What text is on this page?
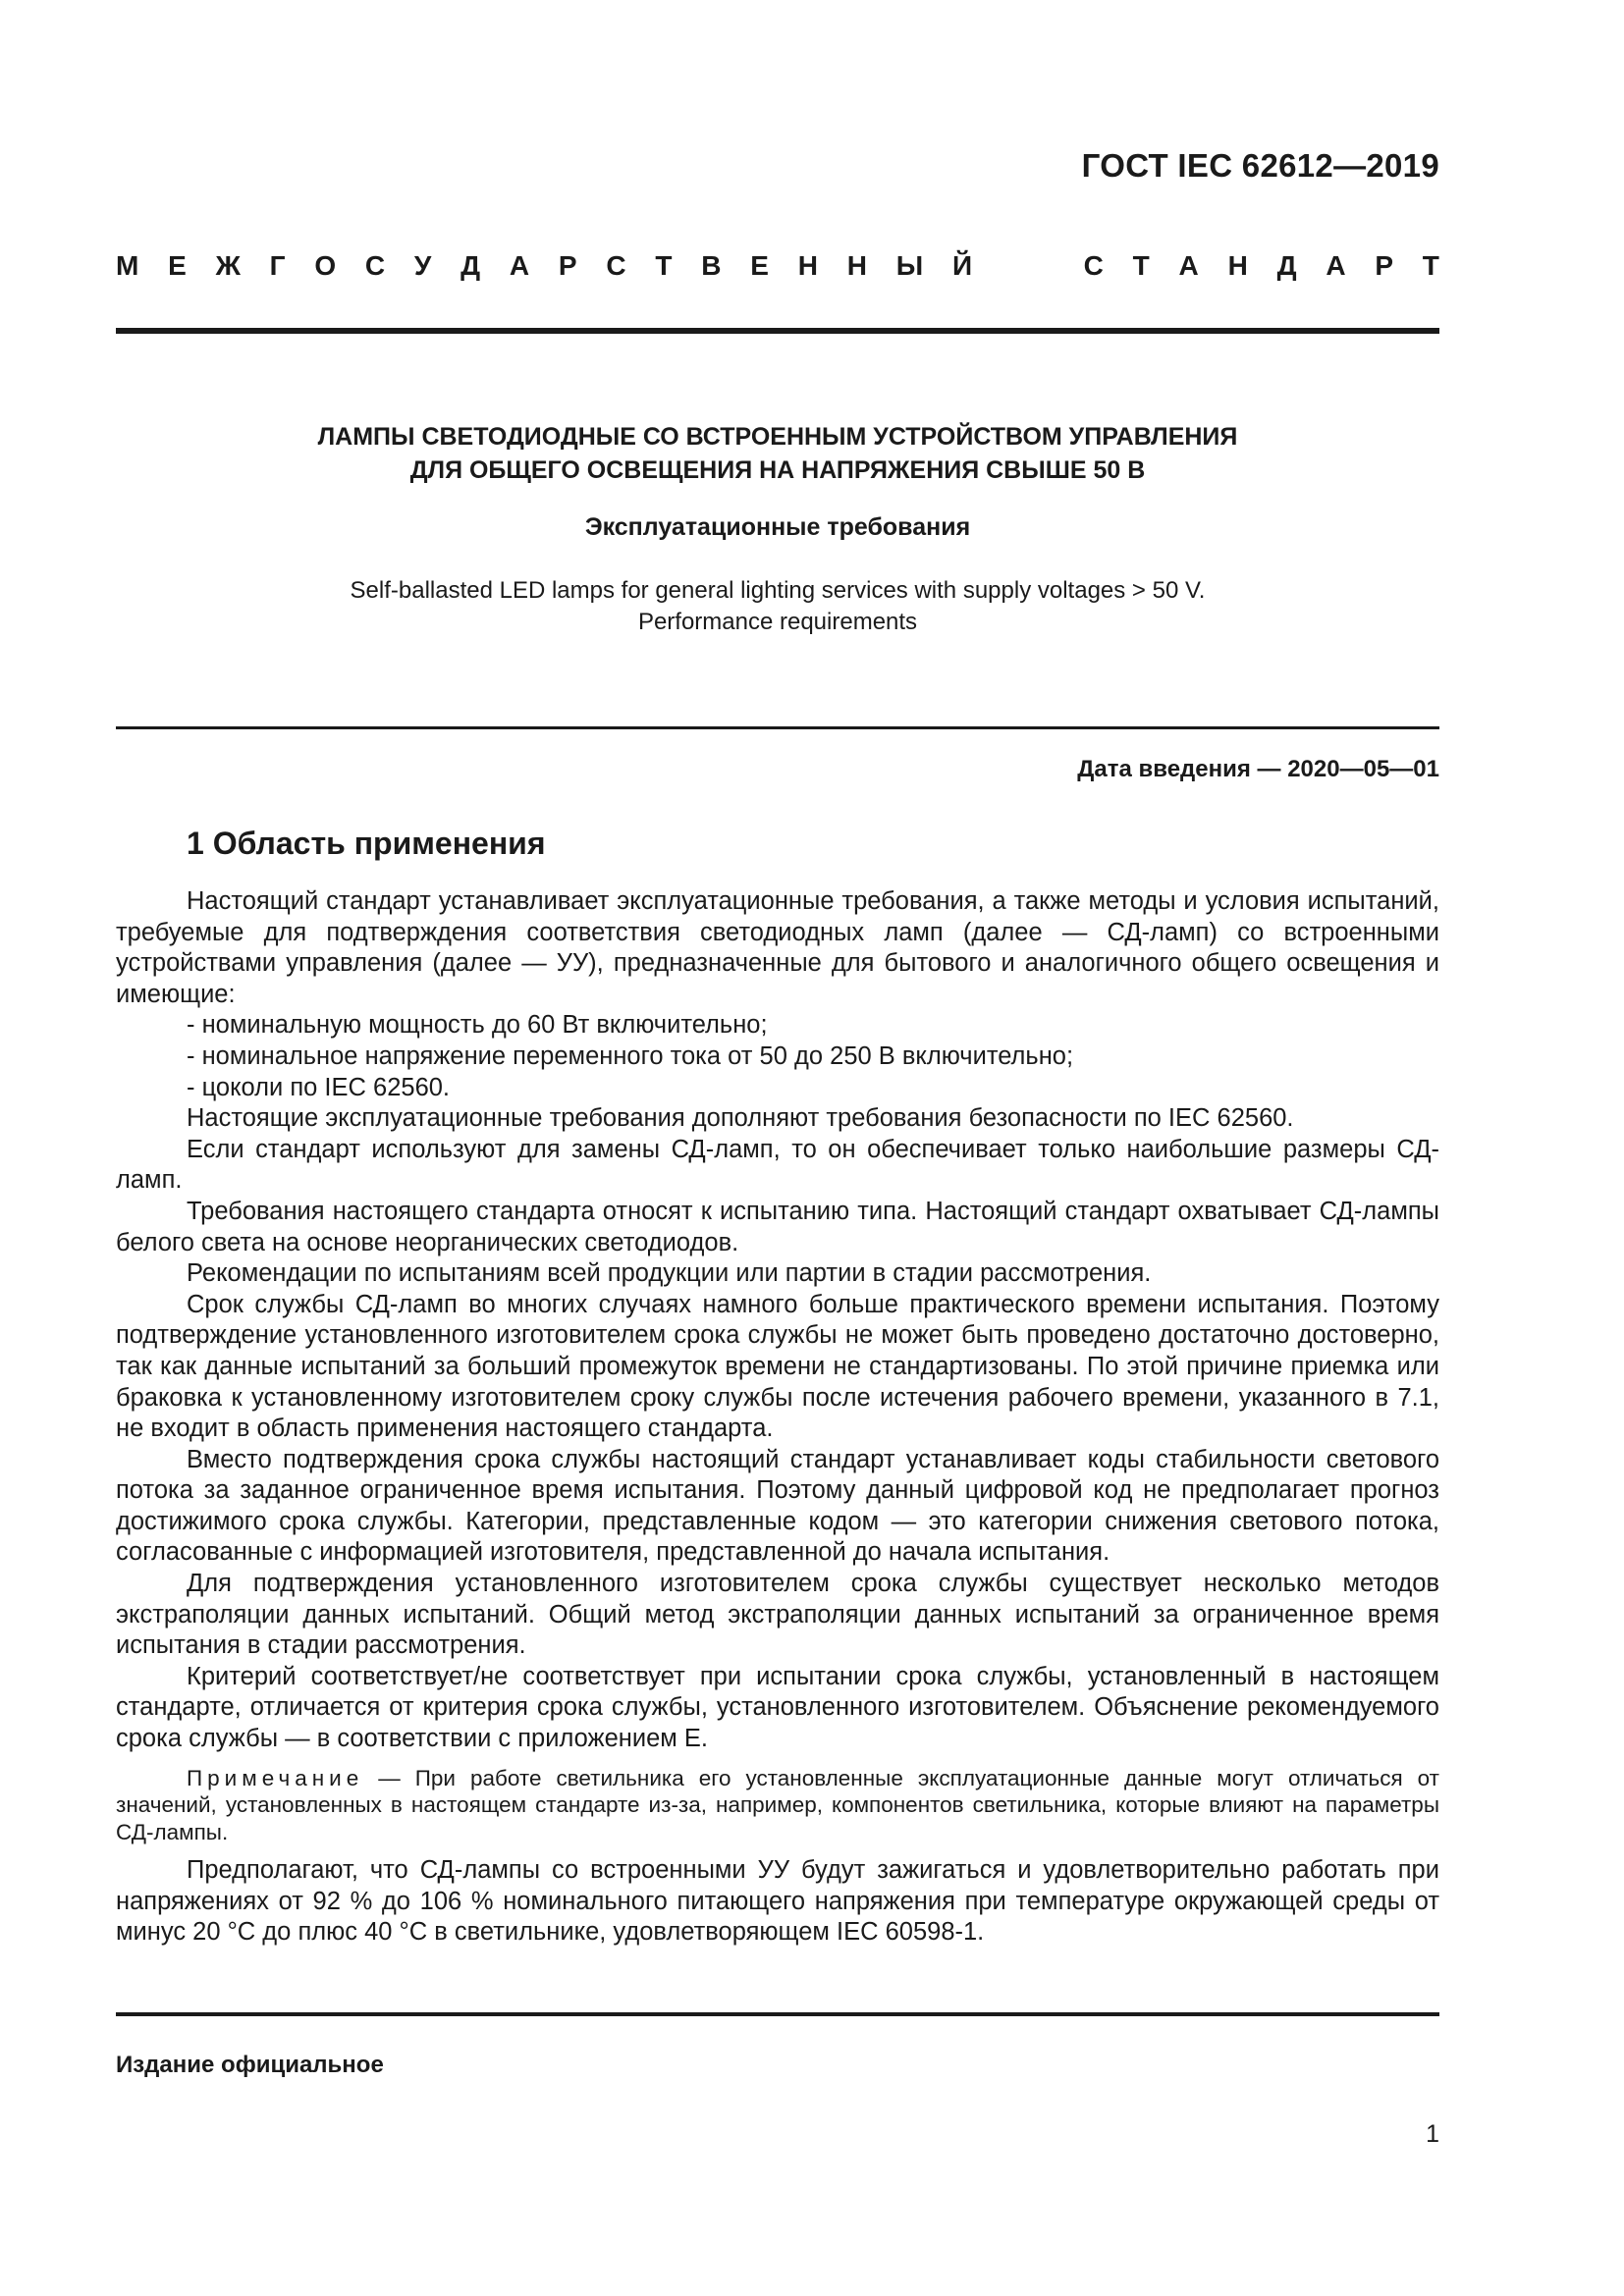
ГОСТ IEC 62612—2019
М Е Ж Г О С У Д А Р С Т В Е Н Н Ы Й	С Т А Н Д А Р Т

ЛАМПЫ СВЕТОДИОДНЫЕ СО ВСТРОЕННЫМ УСТРОЙСТВОМ УПРАВЛЕНИЯ
ДЛЯ ОБЩЕГО ОСВЕЩЕНИЯ НА НАПРЯЖЕНИЯ СВЫШЕ 50 В

Эксплуатационные требования

Self-ballasted LED lamps for general lighting services with supply voltages > 50 V.
Performance requirements

Дата введения — 2020—05—01
1 Область применения

Настоящий стандарт устанавливает эксплуатационные требования, а также методы и условия испытаний, требуемые для подтверждения соответствия светодиодных ламп (далее — СД-ламп) со встроенными устройствами управления (далее — УУ), предназначенные для бытового и аналогичного общего освещения и имеющие:

- номинальную мощность до 60 Вт включительно;

- номинальное напряжение переменного тока от 50 до 250 В включительно;

- цоколи по IEC 62560.

Настоящие эксплуатационные требования дополняют требования безопасности по IEC 62560.

Если стандарт используют для замены СД-ламп, то он обеспечивает только наибольшие размеры СД-ламп.

Требования настоящего стандарта относят к испытанию типа. Настоящий стандарт охватывает СД-лампы белого света на основе неорганических светодиодов.

Рекомендации по испытаниям всей продукции или партии в стадии рассмотрения.

Срок службы СД-ламп во многих случаях намного больше практического времени испытания. Поэтому подтверждение установленного изготовителем срока службы не может быть проведено достаточно достоверно, так как данные испытаний за больший промежуток времени не стандартизованы. По этой причине приемка или браковка к установленному изготовителем сроку службы после истечения рабочего времени, указанного в 7.1, не входит в область применения настоящего стандарта.

Вместо подтверждения срока службы настоящий стандарт устанавливает коды стабильности светового потока за заданное ограниченное время испытания. Поэтому данный цифровой код не предполагает прогноз достижимого срока службы. Категории, представленные кодом — это категории снижения светового потока, согласованные с информацией изготовителя, представленной до начала испытания.

Для подтверждения установленного изготовителем срока службы существует несколько методов экстраполяции данных испытаний. Общий метод экстраполяции данных испытаний за ограниченное время испытания в стадии рассмотрения.

Критерий соответствует/не соответствует при испытании срока службы, установленный в настоящем стандарте, отличается от критерия срока службы, установленного изготовителем. Объяснение рекомендуемого срока службы — в соответствии с приложением Е.

Примечание — При работе светильника его установленные эксплуатационные данные могут отличаться от значений, установленных в настоящем стандарте из-за, например, компонентов светильника, которые влияют на параметры СД-лампы.

Предполагают, что СД-лампы со встроенными УУ будут зажигаться и удовлетворительно работать при напряжениях от 92 % до 106 % номинального питающего напряжения при температуре окружающей среды от минус 20 °С до плюс 40 °С в светильнике, удовлетворяющем IEC 60598-1.

Издание официальное
1
